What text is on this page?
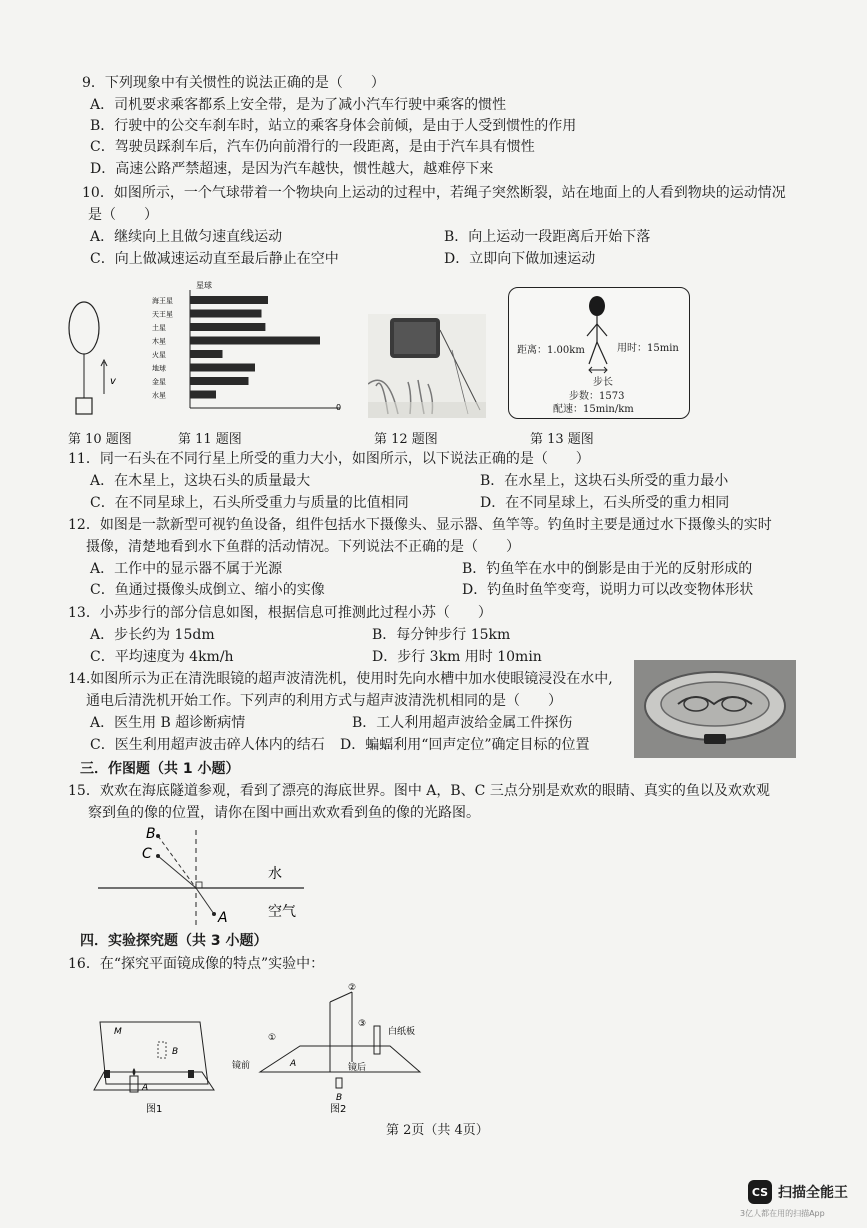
9．下列现象中有关惯性的说法正确的是（　　）
A．司机要求乘客都系上安全带，是为了减小汽车行驶中乘客的惯性
B．行驶中的公交车刹车时，站立的乘客身体会前倾，是由于人受到惯性的作用
C．驾驶员踩刹车后，汽车仍向前滑行的一段距离，是由于汽车具有惯性
D．高速公路严禁超速，是因为汽车越快，惯性越大，越难停下来
10．如图所示，一个气球带着一个物块向上运动的过程中，若绳子突然断裂，站在地面上的人看到物块的运动情况
是（　　）
A．继续向上且做匀速直线运动	B．向上运动一段距离后开始下落
C．向上做减速运动直至最后静止在空中	D．立即向下做加速运动
v
星球
0
海王星
天王星
土星
木星
火星
地球
金星
水星
距离：1.00km	用时：15min
步长
步数：1573
配速：15min/km
第 10 题图	第 11 题图	第 12 题图	第 13 题图
11．同一石头在不同行星上所受的重力大小，如图所示，以下说法正确的是（　　）
A．在木星上，这块石头的质量最大	B．在水星上，这块石头所受的重力最小
C．在不同星球上，石头所受重力与质量的比值相同	D．在不同星球上，石头所受的重力相同
12．如图是一款新型可视钓鱼设备，组件包括水下摄像头、显示器、鱼竿等。钓鱼时主要是通过水下摄像头的实时
摄像，清楚地看到水下鱼群的活动情况。下列说法不正确的是（　　）
A．工作中的显示器不属于光源	B．钓鱼竿在水中的倒影是由于光的反射形成的
C．鱼通过摄像头成倒立、缩小的实像	D．钓鱼时鱼竿变弯，说明力可以改变物体形状
13．小苏步行的部分信息如图，根据信息可推测此过程小苏（　　）
A．步长约为 15dm	B．每分钟步行 15km
C．平均速度为 4km/h	D．步行 3km 用时 10min
14.如图所示为正在清洗眼镜的超声波清洗机，使用时先向水槽中加水使眼镜浸没在水中,
通电后清洗机开始工作。下列声的利用方式与超声波清洗机相同的是（　　）
A．医生用 B 超诊断病情	B．工人利用超声波给金属工件探伤
C．医生利用超声波击碎人体内的结石 D．蝙蝠利用“回声定位”确定目标的位置
三．作图题（共 1 小题）
15．欢欢在海底隧道参观，看到了漂亮的海底世界。图中 A，B、C 三点分别是欢欢的眼睛、真实的鱼以及欢欢观
察到鱼的像的位置，请你在图中画出欢欢看到鱼的像的光路图。
B
C
A
水
空气
四．实验探究题（共 3 小题）
16．在“探究平面镜成像的特点”实验中：
M
B
A
图1
白纸板
①
②
③
镜前	镜后
A
B
图2
第 2页（共 4页）
CS 扫描全能王
3亿人都在用的扫描App
